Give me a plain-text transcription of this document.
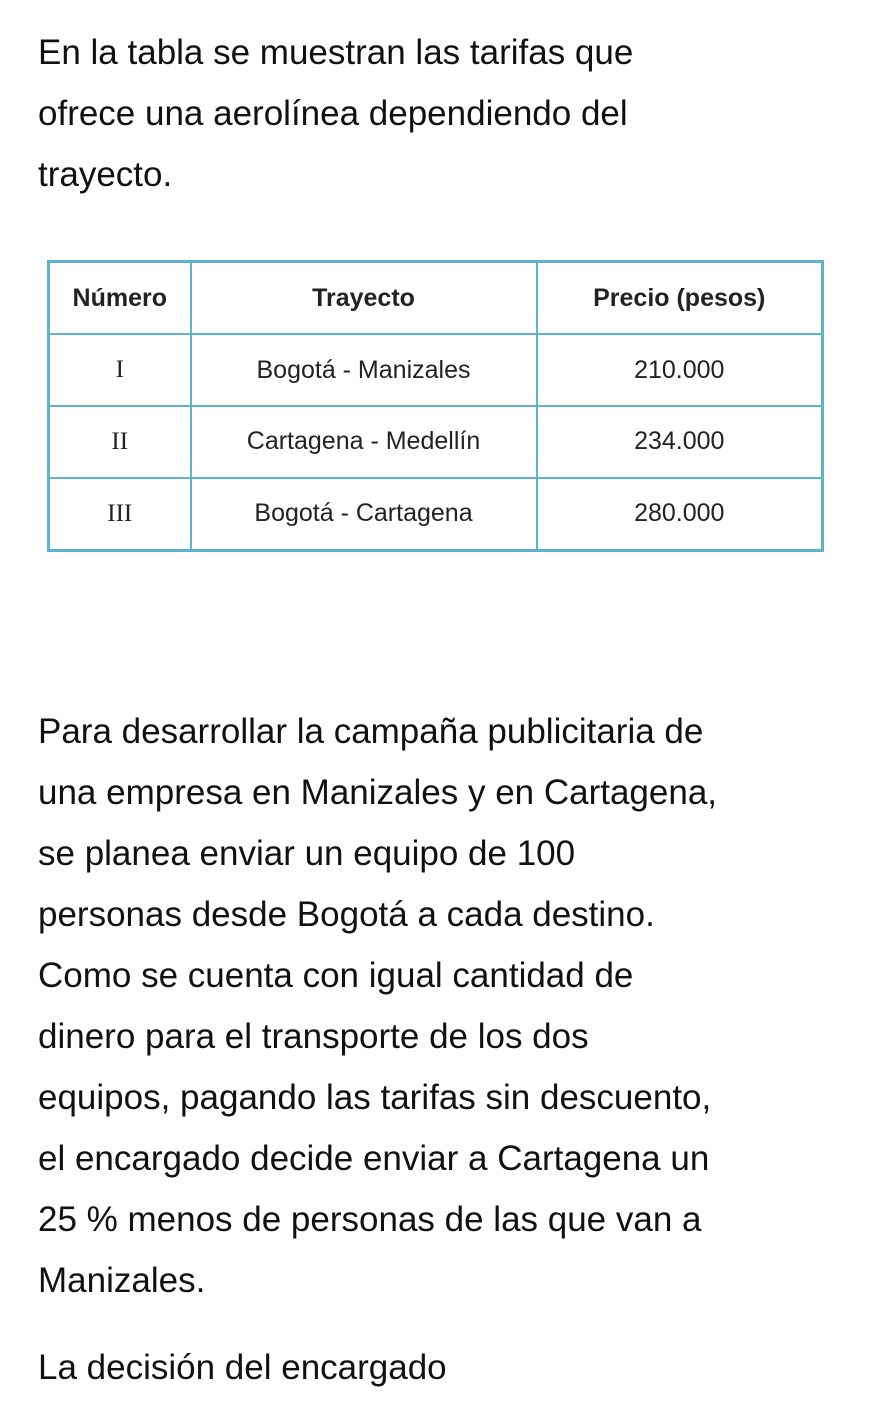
En la tabla se muestran las tarifas que
ofrece una aerolínea dependiendo del
trayecto.

Número	Trayecto	Precio (pesos)
I	Bogotá - Manizales	210.000
II	Cartagena - Medellín	234.000
III	Bogotá - Cartagena	280.000

Para desarrollar la campaña publicitaria de
una empresa en Manizales y en Cartagena,
se planea enviar un equipo de 100
personas desde Bogotá a cada destino.
Como se cuenta con igual cantidad de
dinero para el transporte de los dos
equipos, pagando las tarifas sin descuento,
el encargado decide enviar a Cartagena un
25 % menos de personas de las que van a
Manizales.

La decisión del encargado
